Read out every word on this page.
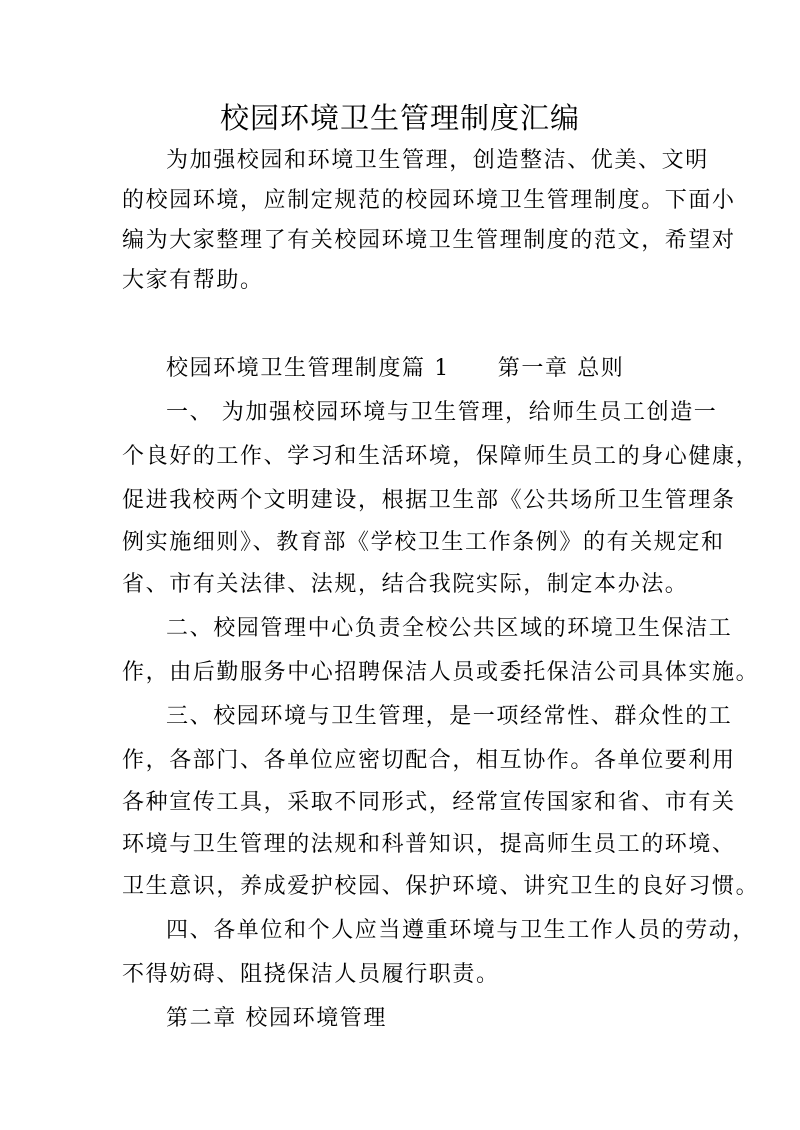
校园环境卫生管理制度汇编
为加强校园和环境卫生管理，创造整洁、优美、文明
的校园环境，应制定规范的校园环境卫生管理制度。下面小
编为大家整理了有关校园环境卫生管理制度的范文，希望对
大家有帮助。
校园环境卫生管理制度篇 1 第一章 总则
一、 为加强校园环境与卫生管理，给师生员工创造一
个良好的工作、学习和生活环境，保障师生员工的身心健康，
促进我校两个文明建设，根据卫生部《公共场所卫生管理条
例实施细则》、教育部《学校卫生工作条例》的有关规定和
省、市有关法律、法规，结合我院实际，制定本办法。
二、校园管理中心负责全校公共区域的环境卫生保洁工
作，由后勤服务中心招聘保洁人员或委托保洁公司具体实施。
三、校园环境与卫生管理，是一项经常性、群众性的工
作，各部门、各单位应密切配合，相互协作。各单位要利用
各种宣传工具，采取不同形式，经常宣传国家和省、市有关
环境与卫生管理的法规和科普知识，提高师生员工的环境、
卫生意识，养成爱护校园、保护环境、讲究卫生的良好习惯。
四、各单位和个人应当遵重环境与卫生工作人员的劳动，
不得妨碍、阻挠保洁人员履行职责。
第二章 校园环境管理
